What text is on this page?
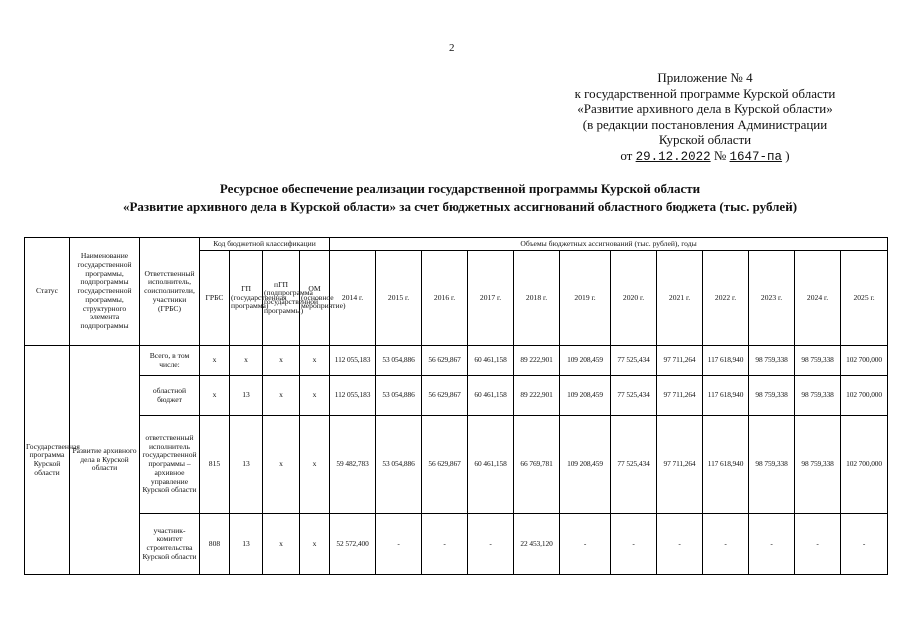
2
Приложение № 4
к государственной программе Курской области
«Развитие архивного дела в Курской области»
(в редакции постановления Администрации
Курской области
от 29.12.2022 № 1647-па )
Ресурсное обеспечение реализации государственной программы Курской области
«Развитие архивного дела в Курской области» за счет бюджетных ассигнований областного бюджета (тыс. рублей)
Статус	Наименование государственной программы, подпрограммы государственной программы, структурного элемента подпрограммы	Ответственный исполнитель, соисполнители, участники (ГРБС)	Код бюджетной классификации				Объемы бюджетных ассигнований (тыс. рублей), годы											
			ГРБС	ГП (государственная программа)	пГП (подпрограмма государственной программы)	ОМ (основное мероприятие)	2014 г.	2015 г.	2016 г.	2017 г.	2018 г.	2019 г.	2020 г.	2021 г.	2022 г.	2023 г.	2024 г.	2025 г.
Государственная программа Курской области	Развитие архивного дела в Курской области	Всего, в том числе:	х	х	х	х	112 055,183	53 054,886	56 629,867	60 461,158	89 222,901	109 208,459	77 525,434	97 711,264	117 618,940	98 759,338	98 759,338	102 700,000
		областной бюджет	х	13	х	х	112 055,183	53 054,886	56 629,867	60 461,158	89 222,901	109 208,459	77 525,434	97 711,264	117 618,940	98 759,338	98 759,338	102 700,000
		ответственный исполнитель государственной программы – архивное управление Курской области	815	13	х	х	59 482,783	53 054,886	56 629,867	60 461,158	66 769,781	109 208,459	77 525,434	97 711,264	117 618,940	98 759,338	98 759,338	102 700,000
		участник-комитет строительства Курской области	808	13	х	х	52 572,400	-	-	-	22 453,120	-	-	-	-	-	-	-
